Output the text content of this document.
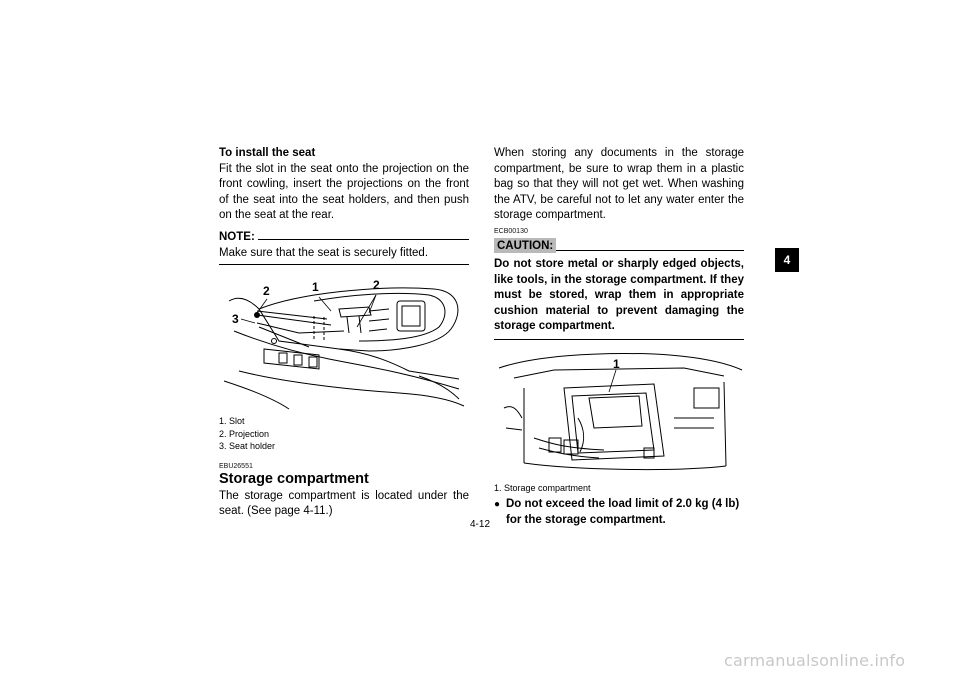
To install the seat

Fit the slot in the seat onto the projection on the front cowling, insert the projections on the front of the seat into the seat holders, and then push on the seat at the rear.

NOTE:

Make sure that the seat is securely fitted.

2
3
1	2
1. Slot
2. Projection
3. Seat holder
EBU26551
Storage compartment

The storage compartment is located under the seat. (See page 4-11.)

When storing any documents in the storage compartment, be sure to wrap them in a plastic bag so that they will not get wet. When washing the ATV, be careful not to let any water enter the storage compartment.

ECB00130
CAUTION:

Do not store metal or sharply edged objects, like tools, in the storage compartment. If they must be stored, wrap them in appropriate cushion material to prevent damaging the storage compartment.

1
1. Storage compartment
● Do not exceed the load limit of 2.0 kg (4 lb) for the storage compartment.
4-12
4
carmanualsonline.info
